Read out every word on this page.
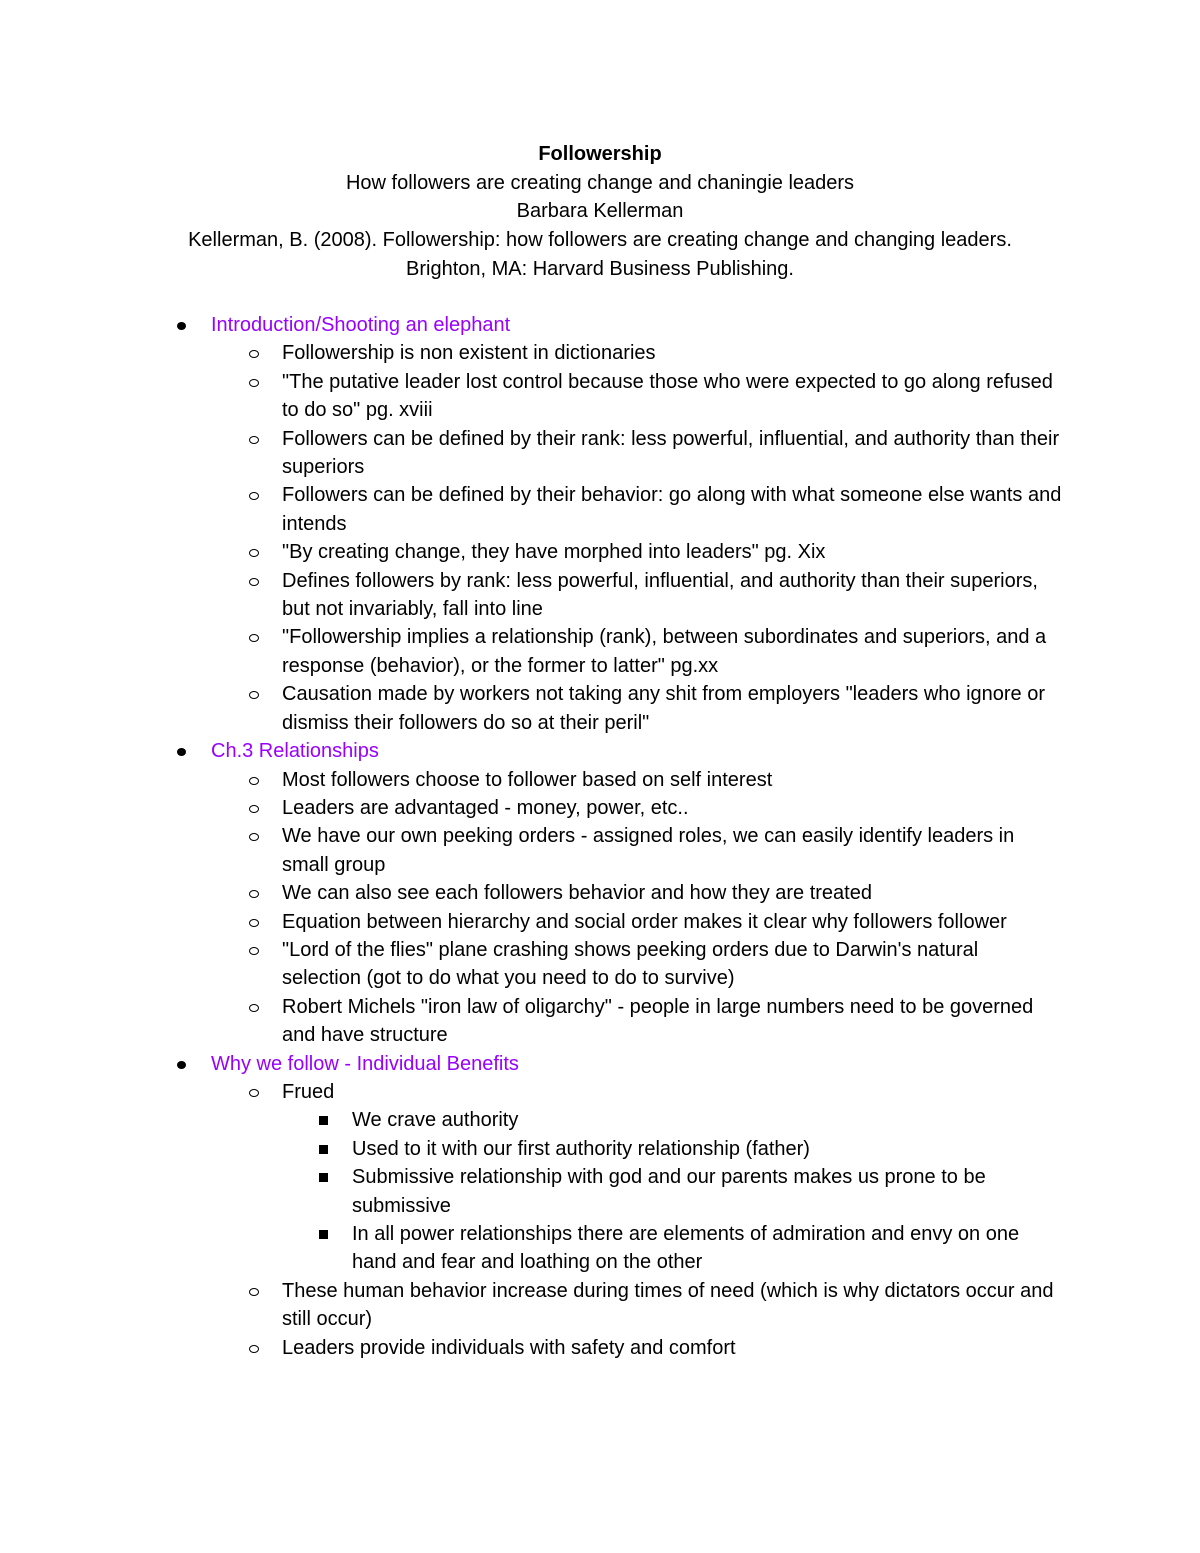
Followership
How followers are creating change and chaningie leaders
Barbara Kellerman
Kellerman, B. (2008). Followership: how followers are creating change and changing leaders.
Brighton, MA: Harvard Business Publishing.
Introduction/Shooting an elephant
Followership is non existent in dictionaries
"The putative leader lost control because those who were expected to go along refused to do so" pg. xviii
Followers can be defined by their rank: less powerful, influential, and authority than their superiors
Followers can be defined by their behavior: go along with what someone else wants and intends
"By creating change, they have morphed into leaders" pg. Xix
Defines followers by rank: less powerful, influential, and authority than their superiors, but not invariably, fall into line
"Followership implies a relationship (rank), between subordinates and superiors, and a response (behavior), or the former to latter" pg.xx
Causation made by workers not taking any shit from employers "leaders who ignore or dismiss their followers do so at their peril"
Ch.3 Relationships
Most followers choose to follower based on self interest
Leaders are advantaged - money, power, etc..
We have our own peeking orders - assigned roles, we can easily identify leaders in small group
We can also see each followers behavior and how they are treated
Equation between hierarchy and social order makes it clear why followers follower
"Lord of the flies" plane crashing shows peeking orders due to Darwin's natural selection (got to do what you need to do to survive)
Robert Michels "iron law of oligarchy" - people in large numbers need to be governed and have structure
Why we follow - Individual Benefits
Frued
We crave authority
Used to it with our first authority relationship (father)
Submissive relationship with god and our parents makes us prone to be submissive
In all power relationships there are elements of admiration and envy on one hand and fear and loathing on the other
These human behavior increase during times of need (which is why dictators occur and still occur)
Leaders provide individuals with safety and comfort
